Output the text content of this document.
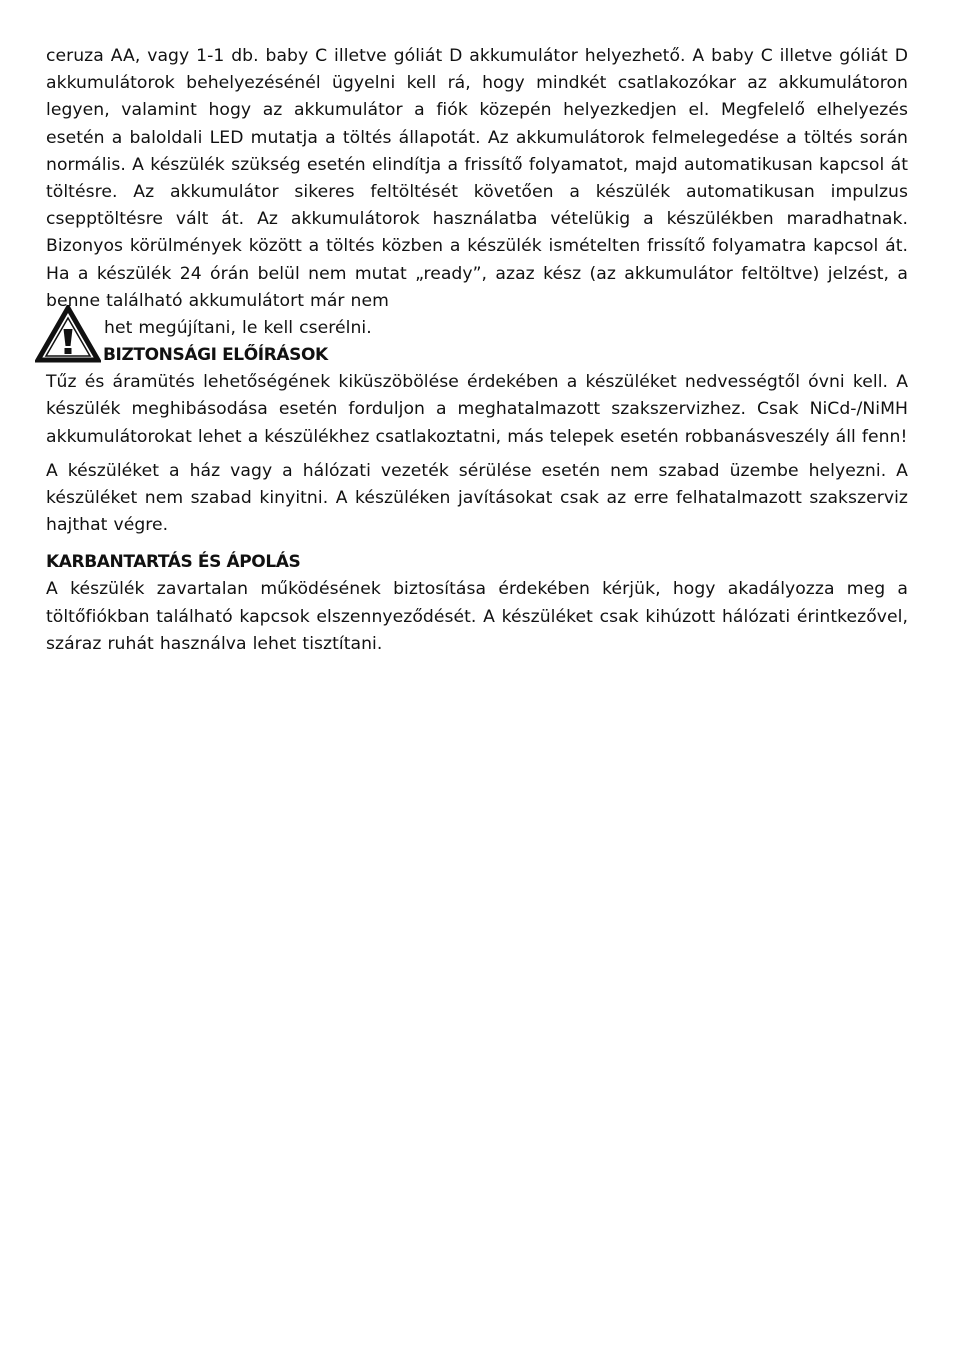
ceruza AA, vagy 1-1 db. baby C illetve góliát D akkumulátor helyezhető. A baby C illetve góliát D akkumulátorok behelyezésénél ügyelni kell rá, hogy mindkét csatlakozókar az akkumulátoron legyen, valamint hogy az akkumulátor a fiók közepén helyezkedjen el. Megfelelő elhelyezés esetén a baloldali LED mutatja a töltés állapotát. Az akkumulátorok felmelegedése a töltés során normális. A készülék szükség esetén elindítja a frissítő folyamatot, majd automatikusan kapcsol át töltésre. Az akkumulátor sikeres feltöltését követően a készülék automatikusan impulzus csepptöltésre vált át. Az akkumulátorok használatba vételükig a készülékben maradhatnak. Bizonyos körülmények között a töltés közben a készülék ismételten frissítő folyamatra kapcsol át. Ha a készülék 24 órán belül nem mutat „ready”, azaz kész (az akkumulátor feltöltve) jelzést, a benne található akkumulátort már nem

het megújítani, le kell cserélni.

BIZTONSÁGI ELŐÍRÁSOK

Tűz és áramütés lehetőségének kiküszöbölése érdekében a készüléket nedvességtől óvni kell. A készülék meghibásodása esetén forduljon a meghatalmazott szakszervizhez. Csak NiCd-/NiMH akkumulátorokat lehet a készülékhez csatlakoztatni, más telepek esetén robbanásveszély áll fenn!

A készüléket a ház vagy a hálózati vezeték sérülése esetén nem szabad üzembe helyezni. A készüléket nem szabad kinyitni. A készüléken javításokat csak az erre felhatalmazott szakszerviz hajthat végre.

KARBANTARTÁS ÉS ÁPOLÁS

A készülék zavartalan működésének biztosítása érdekében kérjük, hogy akadályozza meg a töltőfiókban található kapcsok elszennyeződését. A készüléket csak kihúzott hálózati érintkezővel, száraz ruhát használva lehet tisztítani.
